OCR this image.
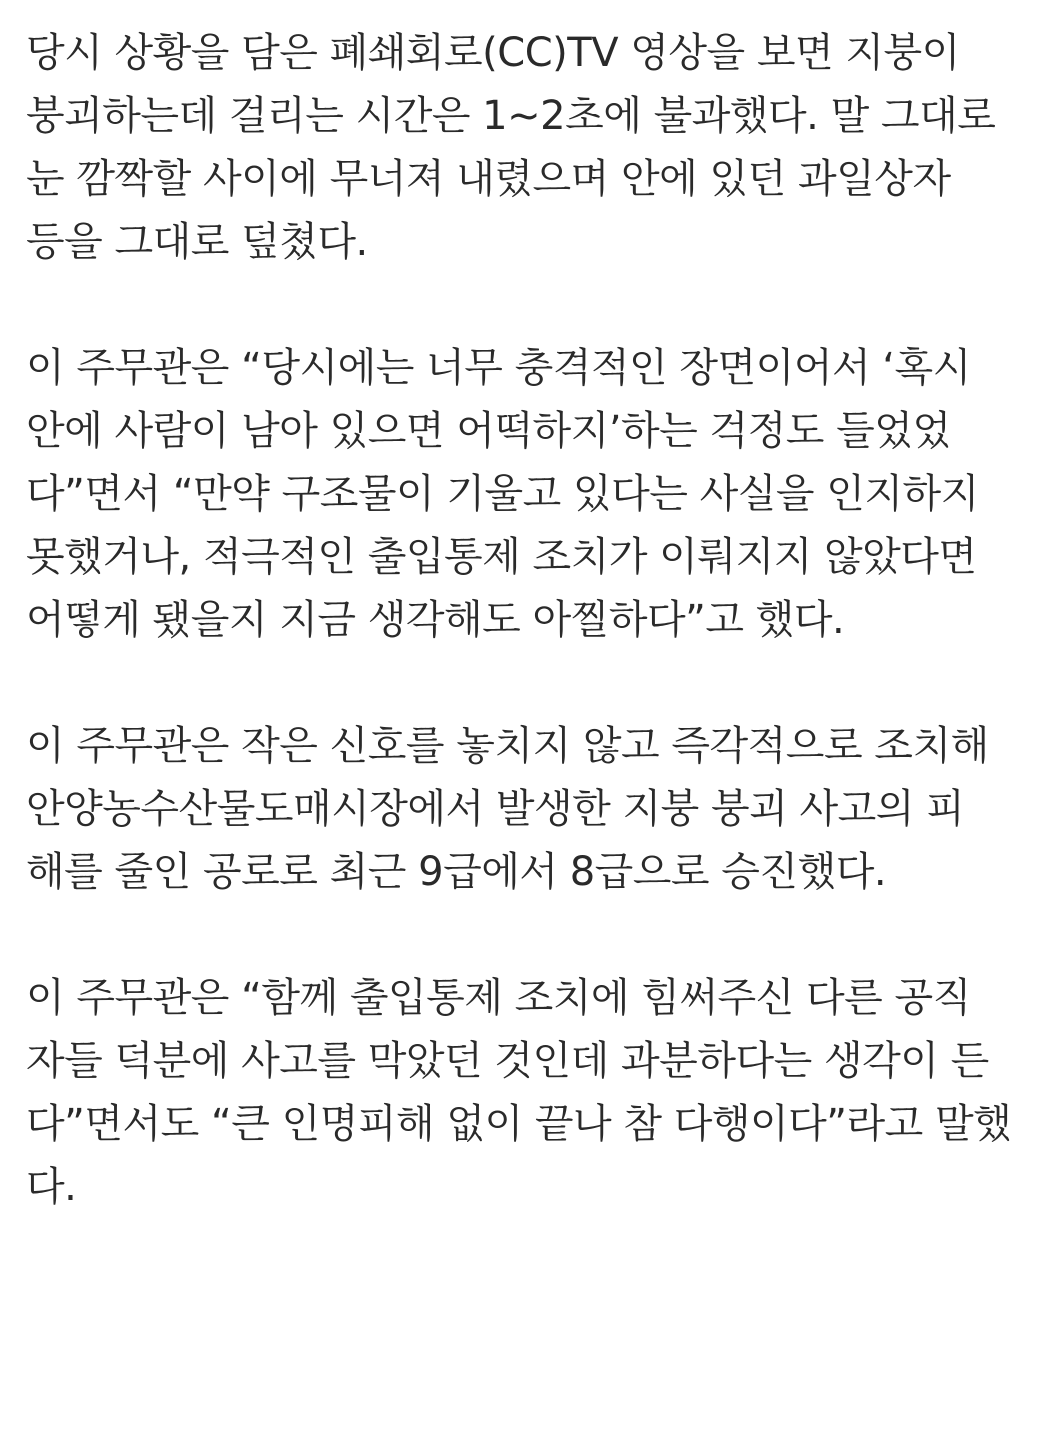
당시 상황을 담은 폐쇄회로(CC)TV 영상을 보면 지붕이
붕괴하는데 걸리는 시간은 1~2초에 불과했다. 말 그대로
눈 깜짝할 사이에 무너져 내렸으며 안에 있던 과일상자
등을 그대로 덮쳤다.

이 주무관은 “당시에는 너무 충격적인 장면이어서 ‘혹시
안에 사람이 남아 있으면 어떡하지’하는 걱정도 들었었
다”면서 “만약 구조물이 기울고 있다는 사실을 인지하지
못했거나, 적극적인 출입통제 조치가 이뤄지지 않았다면
어떻게 됐을지 지금 생각해도 아찔하다”고 했다.

이 주무관은 작은 신호를 놓치지 않고 즉각적으로 조치해
안양농수산물도매시장에서 발생한 지붕 붕괴 사고의 피
해를 줄인 공로로 최근 9급에서 8급으로 승진했다.

이 주무관은 “함께 출입통제 조치에 힘써주신 다른 공직
자들 덕분에 사고를 막았던 것인데 과분하다는 생각이 든
다”면서도 “큰 인명피해 없이 끝나 참 다행이다”라고 말했
다.
